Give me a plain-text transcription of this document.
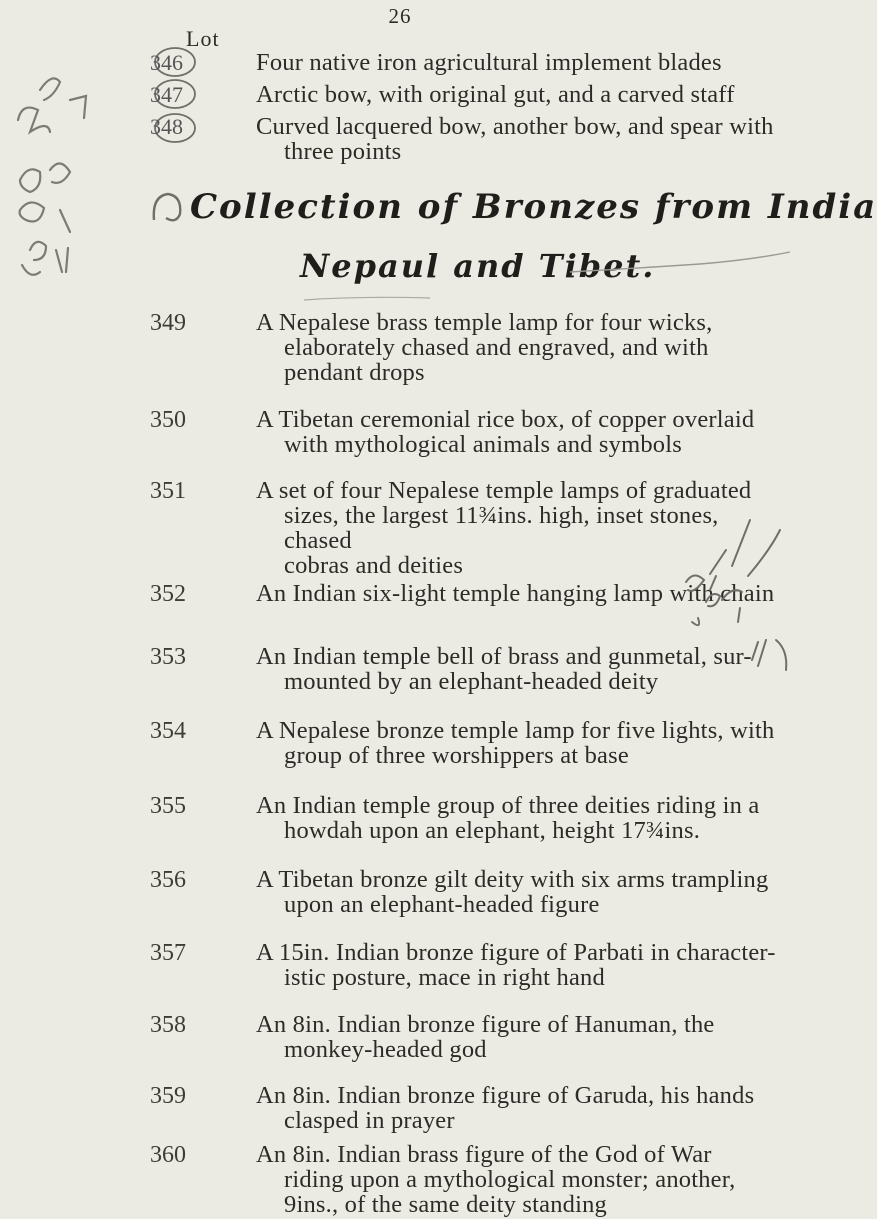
26
Lot
346	Four native iron agricultural implement blades
347	Arctic bow, with original gut, and a carved staff
348	Curved lacquered bow, another bow, and spear with
three points
Collection of Bronzes from India
Nepaul and Tibet.
349	A Nepalese brass temple lamp for four wicks,
elaborately chased and engraved, and with
pendant drops
350	A Tibetan ceremonial rice box, of copper overlaid
with mythological animals and symbols
351	A set of four Nepalese temple lamps of graduated
sizes, the largest 11¾ins. high, inset stones, chased
cobras and deities
352	An Indian six-light temple hanging lamp with chain
353	An Indian temple bell of brass and gunmetal, sur-
mounted by an elephant-headed deity
354	A Nepalese bronze temple lamp for five lights, with
group of three worshippers at base
355	An Indian temple group of three deities riding in a
howdah upon an elephant, height 17¾ins.
356	A Tibetan bronze gilt deity with six arms trampling
upon an elephant-headed figure
357	A 15in. Indian bronze figure of Parbati in character-
istic posture, mace in right hand
358	An 8in. Indian bronze figure of Hanuman, the
monkey-headed god
359	An 8in. Indian bronze figure of Garuda, his hands
clasped in prayer
360	An 8in. Indian brass figure of the God of War
riding upon a mythological monster; another,
9ins., of the same deity standing
